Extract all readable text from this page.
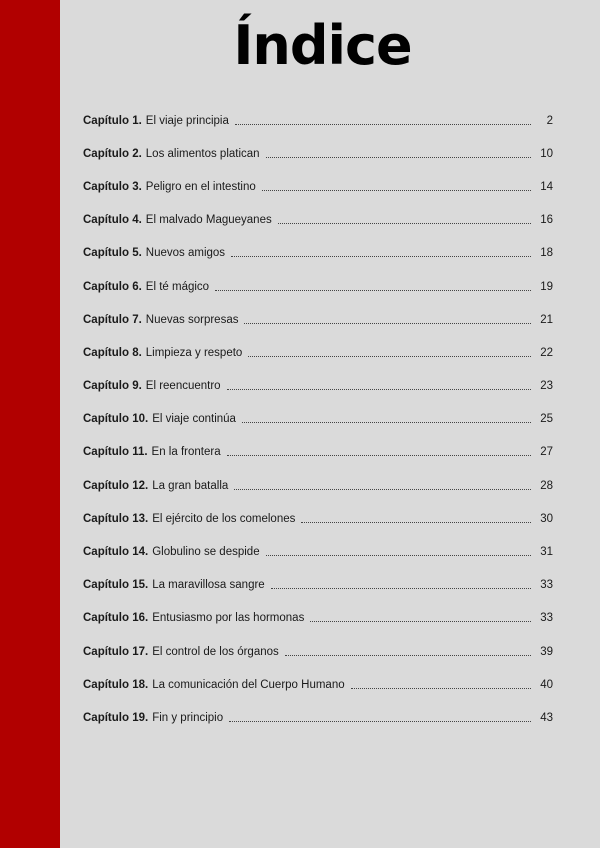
Índice
Capítulo 1. El viaje principia	2
Capítulo 2. Los alimentos platican	10
Capítulo 3. Peligro en el intestino	14
Capítulo 4. El malvado Magueyanes	16
Capítulo 5. Nuevos amigos	18
Capítulo 6. El té mágico	19
Capítulo 7. Nuevas sorpresas	21
Capítulo 8. Limpieza y respeto	22
Capítulo 9. El reencuentro	23
Capítulo 10. El viaje continúa	25
Capítulo 11. En la frontera	27
Capítulo 12. La gran batalla	28
Capítulo 13. El ejército de los comelones	30
Capítulo 14. Globulino se despide	31
Capítulo 15. La maravillosa sangre	33
Capítulo 16. Entusiasmo por las hormonas	33
Capítulo 17. El control de los órganos	39
Capítulo 18. La comunicación del Cuerpo Humano	40
Capítulo 19. Fin y principio	43
